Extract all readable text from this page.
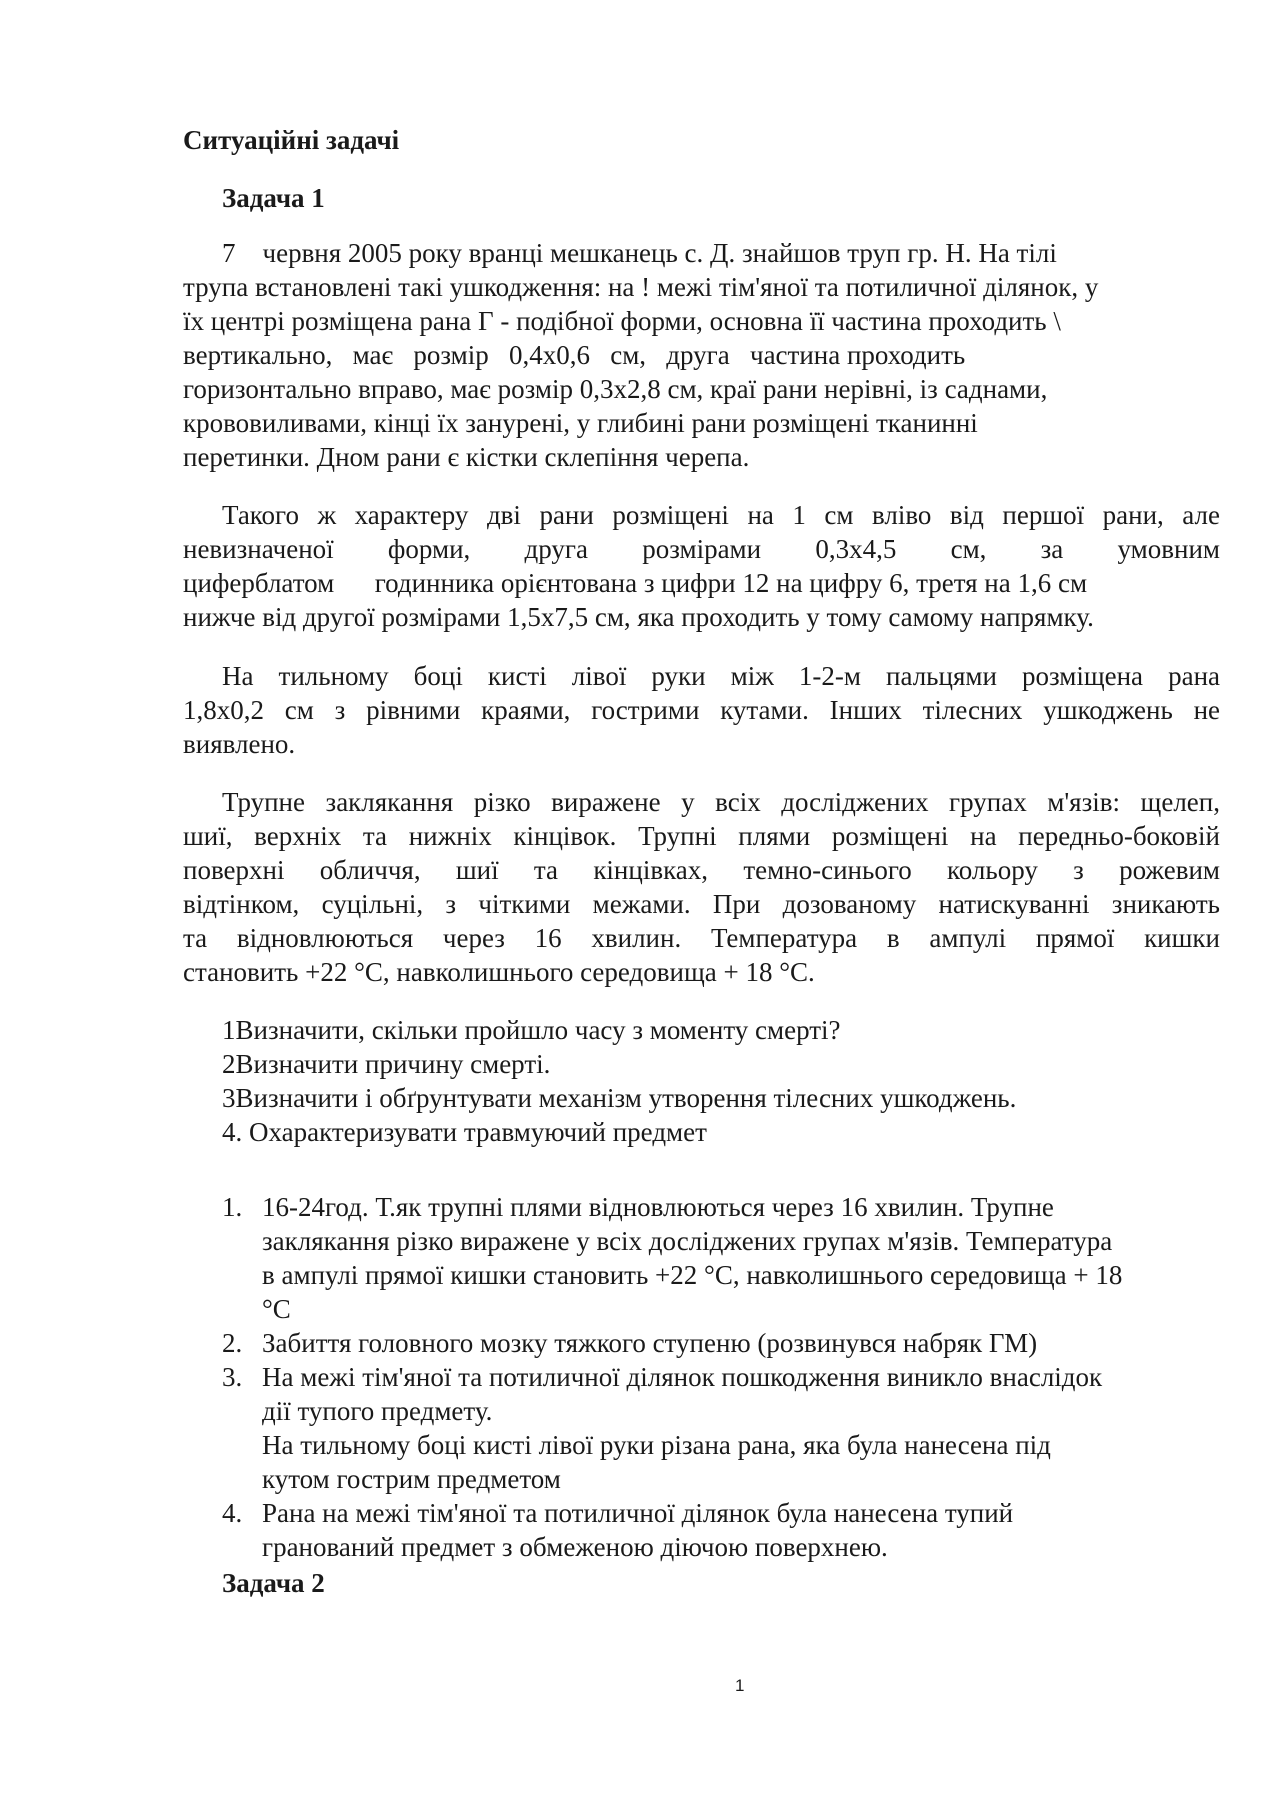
Ситуаційні задачі
Задача 1
7    червня 2005 року вранці мешканець с. Д. знайшов труп гр. Н. На тілі
трупа встановлені такі ушкодження: на ! межі тім'яної та потиличної ділянок, у
їх центрі розміщена рана Г - подібної форми, основна її частина проходить \
вертикально,   має   розмір   0,4х0,6   см,   друга   частина проходить
горизонтально вправо, має розмір 0,3х2,8 см, краї рани нерівні, із саднами,
крововиливами, кінці їх занурені, у глибині рани розміщені тканинні
перетинки. Дном рани є кістки склепіння черепа.
Такого ж характеру дві рани розміщені на 1 см вліво від першої рани, але
невизначеної форми, друга розмірами 0,3х4,5 см, за умовним
циферблатом      годинника орієнтована з цифри 12 на цифру 6, третя на 1,6 см
нижче від другої розмірами 1,5х7,5 см, яка проходить у тому самому напрямку.
На тильному боці кисті лівої руки між 1-2-м пальцями розміщена рана
1,8х0,2 см з рівними краями, гострими кутами. Інших тілесних ушкоджень не
виявлено.
Трупне заклякання різко виражене у всіх досліджених групах м'язів: щелеп,
шиї, верхніх та нижніх кінцівок. Трупні плями розміщені на передньо-боковій
поверхні обличчя, шиї та кінцівках, темно-синього кольору з рожевим
відтінком, суцільні, з чіткими межами. При дозованому натискуванні зникають
та відновлюються через 16 хвилин. Температура в ампулі прямої кишки
становить +22 °С, навколишнього середовища + 18 °С.
1Визначити, скільки пройшло часу з моменту смерті?
2Визначити причину смерті.
3Визначити і обґрунтувати механізм утворення тілесних ушкоджень.
4. Охарактеризувати травмуючий предмет
1. 16-24год. Т.як трупні плями відновлюються через 16 хвилин. Трупне
заклякання різко виражене у всіх досліджених групах м'язів. Температура
в ампулі прямої кишки становить +22 °С, навколишнього середовища + 18
°С
2. Забиття головного мозку тяжкого ступеню (розвинувся набряк ГМ)
3. На межі тім'яної та потиличної ділянок пошкодження виникло внаслідок
дії тупого предмету.
На тильному боці кисті лівої руки різана рана, яка була нанесена під
кутом гострим предметом
4. Рана на межі тім'яної та потиличної ділянок була нанесена тупий
гранований предмет з обмеженою діючою поверхнею.
Задача 2
1
